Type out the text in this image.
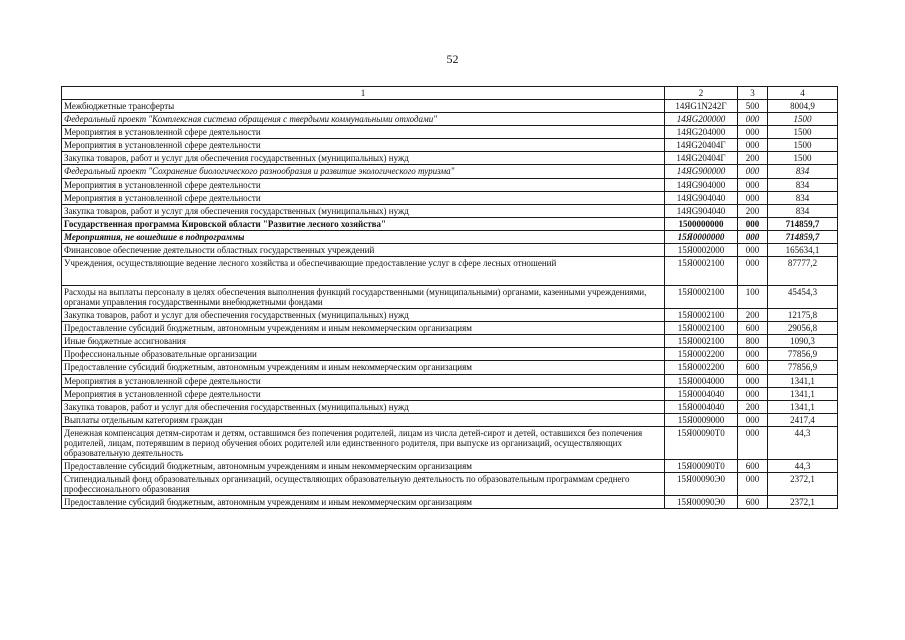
52
1	2	3	4
Межбюджетные трансферты	14ЯG1N242Г	500	8004,9
Федеральный проект "Комплексная система обращения с твердыми коммунальными отходами"	14ЯG200000	000	1500
Мероприятия в установленной сфере деятельности	14ЯG204000	000	1500
Мероприятия в установленной сфере деятельности	14ЯG20404Г	000	1500
Закупка товаров, работ и услуг для обеспечения государственных (муниципальных) нужд	14ЯG20404Г	200	1500
Федеральный проект "Сохранение биологического разнообразия и развитие экологического туризма"	14ЯG900000	000	834
Мероприятия в установленной сфере деятельности	14ЯG904000	000	834
Мероприятия в установленной сфере деятельности	14ЯG904040	000	834
Закупка товаров, работ и услуг для обеспечения государственных (муниципальных) нужд	14ЯG904040	200	834
Государственная программа Кировской области "Развитие лесного хозяйства"	1500000000	000	714859,7
Мероприятия, не вошедшие в подпрограммы	15Я0000000	000	714859,7
Финансовое обеспечение деятельности областных государственных учреждений	15Я0002000	000	165634,1
Учреждения, осуществляющие ведение лесного хозяйства и обеспечивающие предоставление услуг в сфере лесных отношений	15Я0002100	000	87777,2
Расходы на выплаты персоналу в целях обеспечения выполнения функций государственными (муниципальными) органами, казенными учреждениями, органами управления государственными внебюджетными фондами	15Я0002100	100	45454,3
Закупка товаров, работ и услуг для обеспечения государственных (муниципальных) нужд	15Я0002100	200	12175,8
Предоставление субсидий бюджетным, автономным учреждениям и иным некоммерческим организациям	15Я0002100	600	29056,8
Иные бюджетные ассигнования	15Я0002100	800	1090,3
Профессиональные образовательные организации	15Я0002200	000	77856,9
Предоставление субсидий бюджетным, автономным учреждениям и иным некоммерческим организациям	15Я0002200	600	77856,9
Мероприятия в установленной сфере деятельности	15Я0004000	000	1341,1
Мероприятия в установленной сфере деятельности	15Я0004040	000	1341,1
Закупка товаров, работ и услуг для обеспечения государственных (муниципальных) нужд	15Я0004040	200	1341,1
Выплаты отдельным категориям граждан	15Я0009000	000	2417,4
Денежная компенсация детям-сиротам и детям, оставшимся без попечения родителей, лицам из числа детей-сирот и детей, оставшихся без попечения родителей, лицам, потерявшим в период обучения обоих родителей или единственного родителя, при выпуске из организаций, осуществляющих образовательную деятельность	15Я00090Т0	000	44,3
Предоставление субсидий бюджетным, автономным учреждениям и иным некоммерческим организациям	15Я00090Т0	600	44,3
Стипендиальный фонд образовательных организаций, осуществляющих образовательную деятельность по образовательным программам среднего профессионального образования	15Я00090Э0	000	2372,1
Предоставление субсидий бюджетным, автономным учреждениям и иным некоммерческим организациям	15Я00090Э0	600	2372,1
